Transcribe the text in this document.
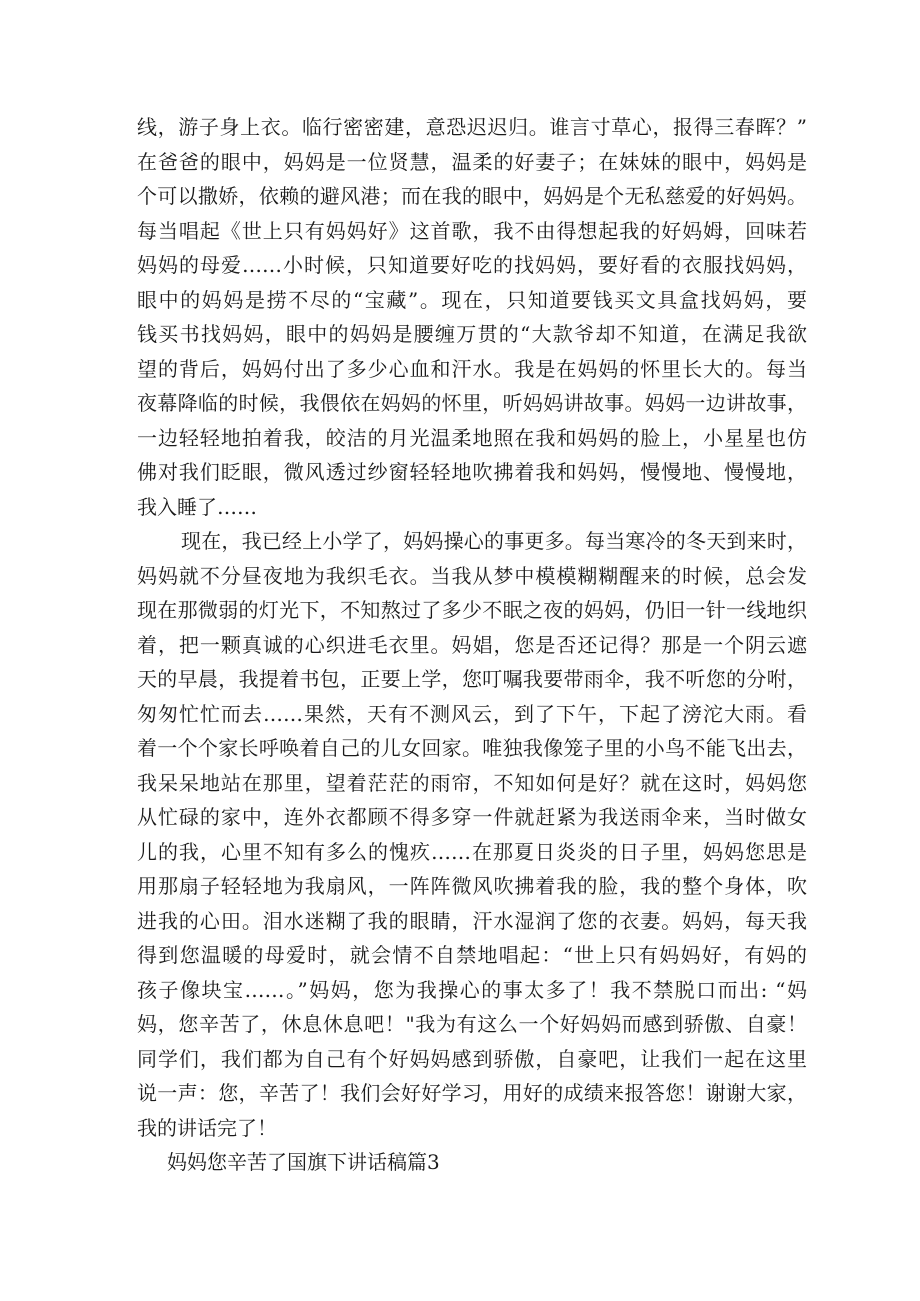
线，游子身上衣。临行密密建，意恐迟迟归。谁言寸草心，报得三春晖？”
在爸爸的眼中，妈妈是一位贤慧，温柔的好妻子；在妹妹的眼中，妈妈是
个可以撒娇，依赖的避风港；而在我的眼中，妈妈是个无私慈爱的好妈妈。
每当唱起《世上只有妈妈好》这首歌，我不由得想起我的好妈姆，回味若
妈妈的母爱……小时候，只知道要好吃的找妈妈，要好看的衣服找妈妈，
眼中的妈妈是捞不尽的“宝藏”。现在，只知道要钱买文具盒找妈妈，要
钱买书找妈妈，眼中的妈妈是腰缠万贯的“大款爷却不知道，在满足我欲
望的背后，妈妈付出了多少心血和汗水。我是在妈妈的怀里长大的。每当
夜幕降临的时候，我偎依在妈妈的怀里，听妈妈讲故事。妈妈一边讲故事，
一边轻轻地拍着我，皎洁的月光温柔地照在我和妈妈的脸上，小星星也仿
佛对我们眨眼，微风透过纱窗轻轻地吹拂着我和妈妈，慢慢地、慢慢地，
我入睡了……
现在，我已经上小学了，妈妈操心的事更多。每当寒冷的冬天到来时，
妈妈就不分昼夜地为我织毛衣。当我从梦中模模糊糊醒来的时候，总会发
现在那微弱的灯光下，不知熬过了多少不眠之夜的妈妈，仍旧一针一线地织
着，把一颗真诚的心织进毛衣里。妈娼，您是否还记得？那是一个阴云遮
天的早晨，我提着书包，正要上学，您叮嘱我要带雨伞，我不听您的分咐，
匆匆忙忙而去……果然，天有不测风云，到了下午，下起了滂沱大雨。看
着一个个家长呼唤着自己的儿女回家。唯独我像笼子里的小鸟不能飞出去，
我呆呆地站在那里，望着茫茫的雨帘，不知如何是好？就在这时，妈妈您
从忙碌的家中，连外衣都顾不得多穿一件就赶紧为我送雨伞来，当时做女
儿的我，心里不知有多么的愧疚……在那夏日炎炎的日子里，妈妈您思是
用那扇子轻轻地为我扇风，一阵阵微风吹拂着我的脸，我的整个身体，吹
进我的心田。泪水迷糊了我的眼睛，汗水湿润了您的衣妻。妈妈，每天我
得到您温暖的母爱时，就会情不自禁地唱起：“世上只有妈妈好，有妈的
孩子像块宝……。”妈妈，您为我操心的事太多了！我不禁脱口而出: “妈
妈，您辛苦了，休息休息吧！"我为有这么一个好妈妈而感到骄傲、自豪！
同学们，我们都为自己有个好妈妈感到骄傲，自豪吧，让我们一起在这里
说一声：您，辛苦了！我们会好好学习，用好的成绩来报答您！谢谢大家，
我的讲话完了！
妈妈您辛苦了国旗下讲话稿篇3
